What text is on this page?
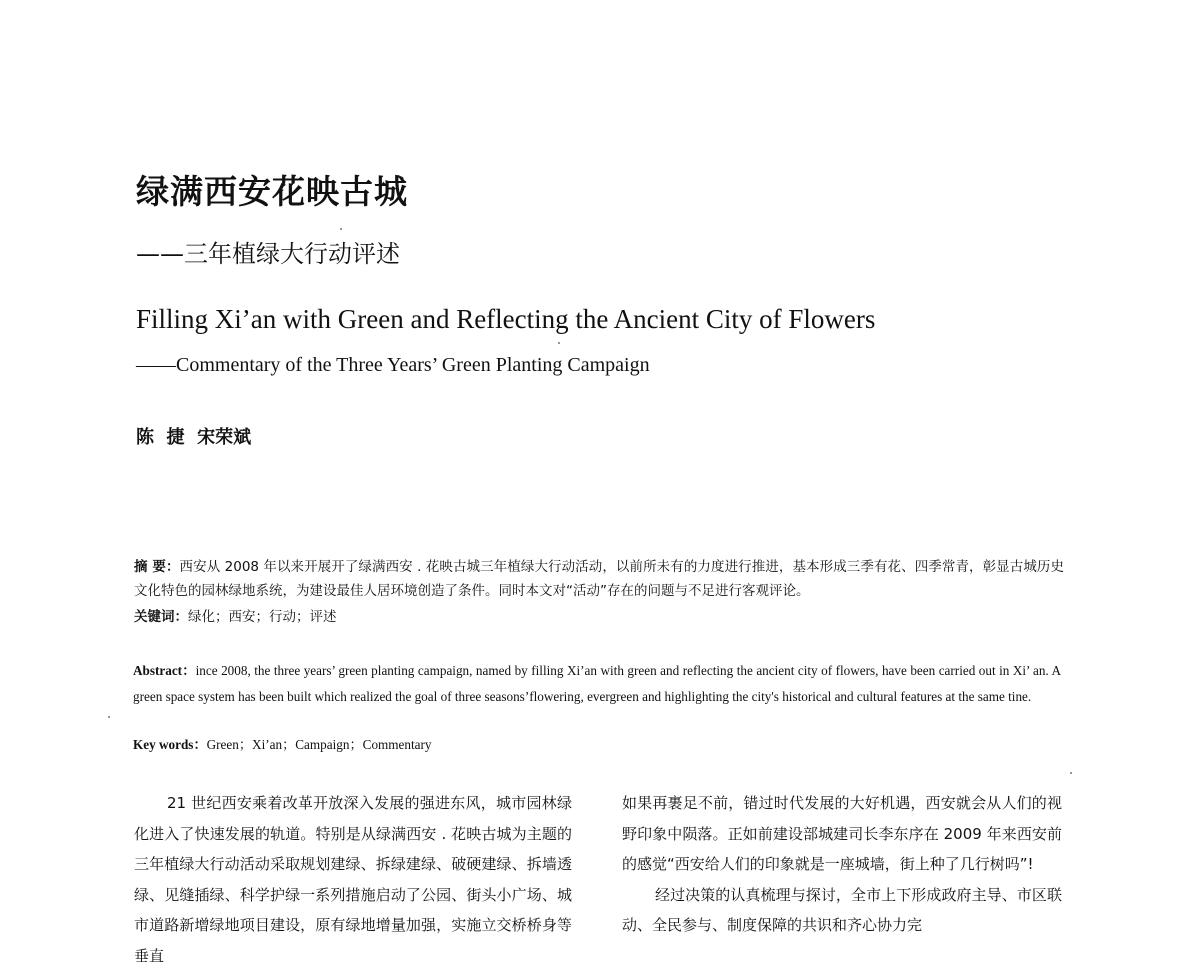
绿满西安花映古城
——三年植绿大行动评述
Filling Xi’an with Green and Reflecting the Ancient City of Flowers
——Commentary of the Three Years’ Green Planting Campaign
陈  捷  宋荣斌
摘 要：西安从 2008 年以来开展开了绿满西安 . 花映古城三年植绿大行动活动，以前所未有的力度进行推进，基本形成三季有花、四季常青，彰显古城历史文化特色的园林绿地系统，为建设最佳人居环境创造了条件。同时本文对“活动”存在的问题与不足进行客观评论。
关键词：绿化；西安；行动；评述
Abstract：ince 2008, the three years’ green planting campaign, named by filling Xi’an with green and reflecting the ancient city of flowers, have been carried out in Xi’ an. A green space system has been built which realized the goal of three seasons’flowering, evergreen and highlighting the city's historical and cultural features at the same tine.
Key words：Green；Xi’an；Campaign；Commentary

21 世纪西安乘着改革开放深入发展的强进东风，城市园林绿化进入了快速发展的轨道。特别是从绿满西安 . 花映古城为主题的三年植绿大行动活动采取规划建绿、拆绿建绿、破硬建绿、拆墙透绿、见缝插绿、科学护绿一系列措施启动了公园、街头小广场、城市道路新增绿地项目建设，原有绿地增量加强，实施立交桥桥身等垂直

如果再裹足不前，错过时代发展的大好机遇，西安就会从人们的视野印象中陨落。正如前建设部城建司长李东序在 2009 年来西安前的感觉“西安给人们的印象就是一座城墙，街上种了几行树吗”!

经过决策的认真梳理与探讨，全市上下形成政府主导、市区联动、全民参与、制度保障的共识和齐心协力完
